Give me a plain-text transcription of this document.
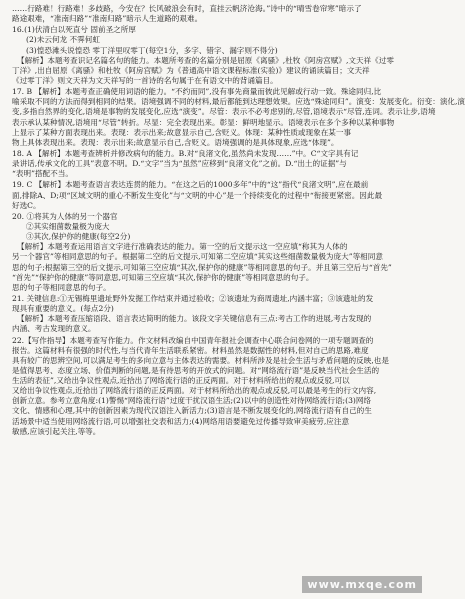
……行路难！行路难！多歧路，今安在？长风破浪会有时，直挂云帆济沧海。”诗中的“晴雪卷帘寒”暗示了
路途艰难，“准南归路”“准南归路”暗示人生道路的艰难。
16.(1)伏清白以死直兮 固前圣之所厚
(2)未云何龙 不霁何虹
(3)惶恐滩头说惶恐 零丁洋里叹零丁(每空1分，多字、错字、漏字则不得分)
【解析】本题考查识记名篇名句的能力。本题所考查的名篇分别是屈原《离骚》,杜牧《阿房宫赋》,文天祥《过零
丁洋》,出自屈原《离骚》和杜牧《阿房宫赋》为《普通高中语文课程标准(实验)》建议的诵读篇目；文天祥
《过零丁洋》则文天祥为文天祥写的一首诗的名句属于在有语文中的背诵篇目。
17. B 【解析】本题考查正确使用词语的能力。“不约而同”,没有事先商量而彼此见解或行动一致。殊途同归,比
喻采取不同的方法而得到相同的结果。语境强调不同的材料,最后都能到达理想效果。应选“殊途同归”。演变：发展变化。衍变：演化,演
变,多指自然界的变化,语境是事物的发展变化,应选“演变”。尽管：表示不必考虑别的,尽管,语境表示“尽管,连词。表示让步,语境
表示承认某种情况,语境用“尽管”转折。尽显：完全表现出来。彰显：鲜明地显示。语境表示在多个多种以某种事物
上显示了某种方面表现出来。表现：表示出来;故意显示自己,含贬义。体现：某种性质或现象在某一事
物上具体表现出来。表现：表示出来;故意显示自己,含贬义。语境强调的是具体现象,应选“体现”。
18. A 【解析】本题考查辨析并修改病句的能力。B.对“良渚文化,虽然尚未发现……”中。C“文字具有记
录讲话,传承文化的工具”表意不明。D.“文字”当为“虽然”应移到“良渚文化”之前。D.“出土的证据”与
“表明”搭配不当。
19. C 【解析】本题考查语言表达连贯的能力。“在这之后的1000多年”中的“这”指代“良渚文明”,应在最前
面,排除A、D;项“区域文明的重心不断发生变化”与“文明的中心”是一个持续变化的过程中“衔接更紧密。因此最
好选C。
20. ①将其为人体的另一个器官
②其实细菌数量极为庞大
③其次,保护你的健康(每空2分)
【解析】本题考查运用语言文字进行准确表达的能力。第一空的后文提示这一空应填“称其为人体的
另一个器官”等相同意思的句子。根据第二空的后文提示,可知第二空应填“其实这些细菌数量极为庞大”等相同意
思的句子;根据第三空的后文提示,可知第三空应填“其次,保护你的健康”等相同意思的句子。并且第三空后与“首先”
“首先”“保护你的健康”等同意思,可知第三空应填“其次,保护你的健康”等相同意思的句子。
思的句子等相同意思的句子。
21. 关键信息:①无锡梅里遗址野外发掘工作结束并通过验收；②该遗址为商周遗址,内涵丰富；③该遗址的发
现具有重要的意义。(每点2分)
【解析】本题考查压缩语段、语言表达简明的能力。该段文字关键信息有三点:考古工作的进展,考古发现的
内涵、考古发现的意义。
22.【写作指导】本题考查写作能力。作文材料改编自中国青年报社会调查中心联合问卷网的一项专题调查的
报告。这篇材料有很强的时代性,与当代青年生活联系紧密。材料虽然是数据性的材料,但对自己的思路,难度
具有较广的思辨空间,可以满足考生的多向立意与主体表达的需要。材料所涉及是社会生活与矛盾问题的反映,也是
是值得思考、态度立场、价值判断的问题,是有待思考的开放式的问题。对“网络流行语”是反映当代社会生活的
生活的表征”,又给出争议性观点,近拾出了网络流行语的正反两面。对于材料所给出的观点或反驳,可以
又给出争议性观点,近拾出了网络流行语的正反两面。对于材料所给出的观点或反驳,可以最是考生的行文内容,
创新立意。参考立意角度:(1)警惕“网络流行语”过度干扰汉语生活;(2)以中的创造性对待网络流行语;(3)网络
文化、情感和心理,其中的创新因素为现代汉语注入新活力;(3)语言是不断发展变化的,网络流行语有自己的生
活场景中适当使用网络流行语,可以增强社交表和活力;(4)网络用语要避免过传播导致审美疲劳,应注意
敏感,应该引起关注,等等。
www.mxqe.com
